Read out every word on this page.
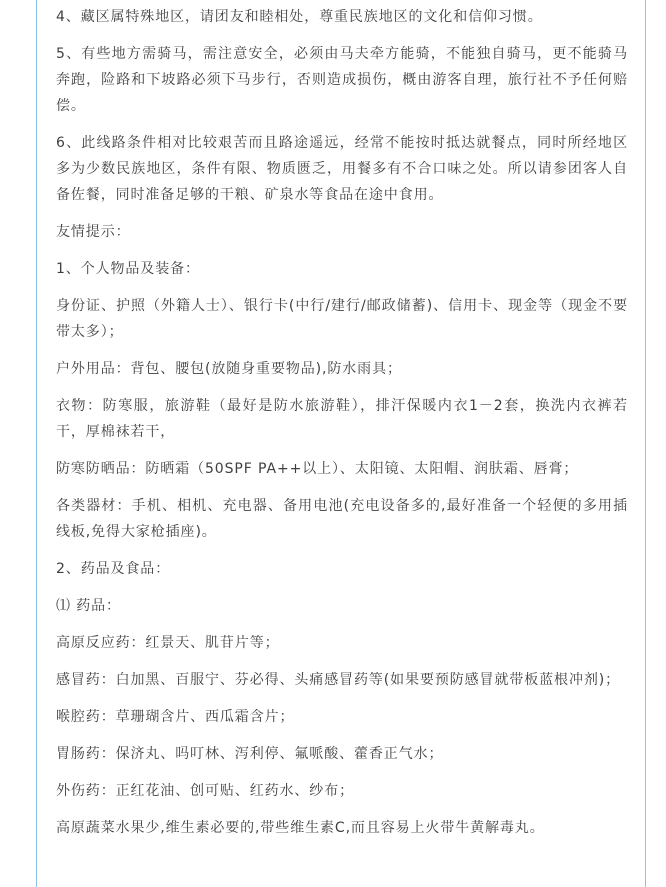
4、藏区属特殊地区，请团友和睦相处，尊重民族地区的文化和信仰习惯。

5、有些地方需骑马，需注意安全，必须由马夫牵方能骑，不能独自骑马，更不能骑马奔跑，险路和下坡路必须下马步行，否则造成损伤，概由游客自理，旅行社不予任何赔偿。

6、此线路条件相对比较艰苦而且路途遥远，经常不能按时抵达就餐点，同时所经地区多为少数民族地区，条件有限、物质匮乏，用餐多有不合口味之处。所以请参团客人自备佐餐，同时准备足够的干粮、矿泉水等食品在途中食用。

友情提示：

1、个人物品及装备：

身份证、护照（外籍人士）、银行卡(中行/建行/邮政储蓄)、信用卡、现金等（现金不要带太多）；

户外用品：背包、腰包(放随身重要物品),防水雨具；

衣物：防寒服，旅游鞋（最好是防水旅游鞋），排汗保暖内衣1－2套，换洗内衣裤若干，厚棉袜若干，

防寒防晒品：防晒霜（50SPF PA++以上）、太阳镜、太阳帽、润肤霜、唇膏；

各类器材：手机、相机、充电器、备用电池(充电设备多的,最好准备一个轻便的多用插线板,免得大家枪插座)。

2、药品及食品：

⑴ 药品：

高原反应药：红景天、肌苷片等；

感冒药：白加黑、百服宁、芬必得、头痛感冒药等(如果要预防感冒就带板蓝根冲剂)；

喉腔药：草珊瑚含片、西瓜霜含片；

胃肠药：保济丸、吗叮林、泻利停、氟哌酸、藿香正气水；

外伤药：正红花油、创可贴、红药水、纱布；

高原蔬菜水果少,维生素必要的,带些维生素C,而且容易上火带牛黄解毒丸。
